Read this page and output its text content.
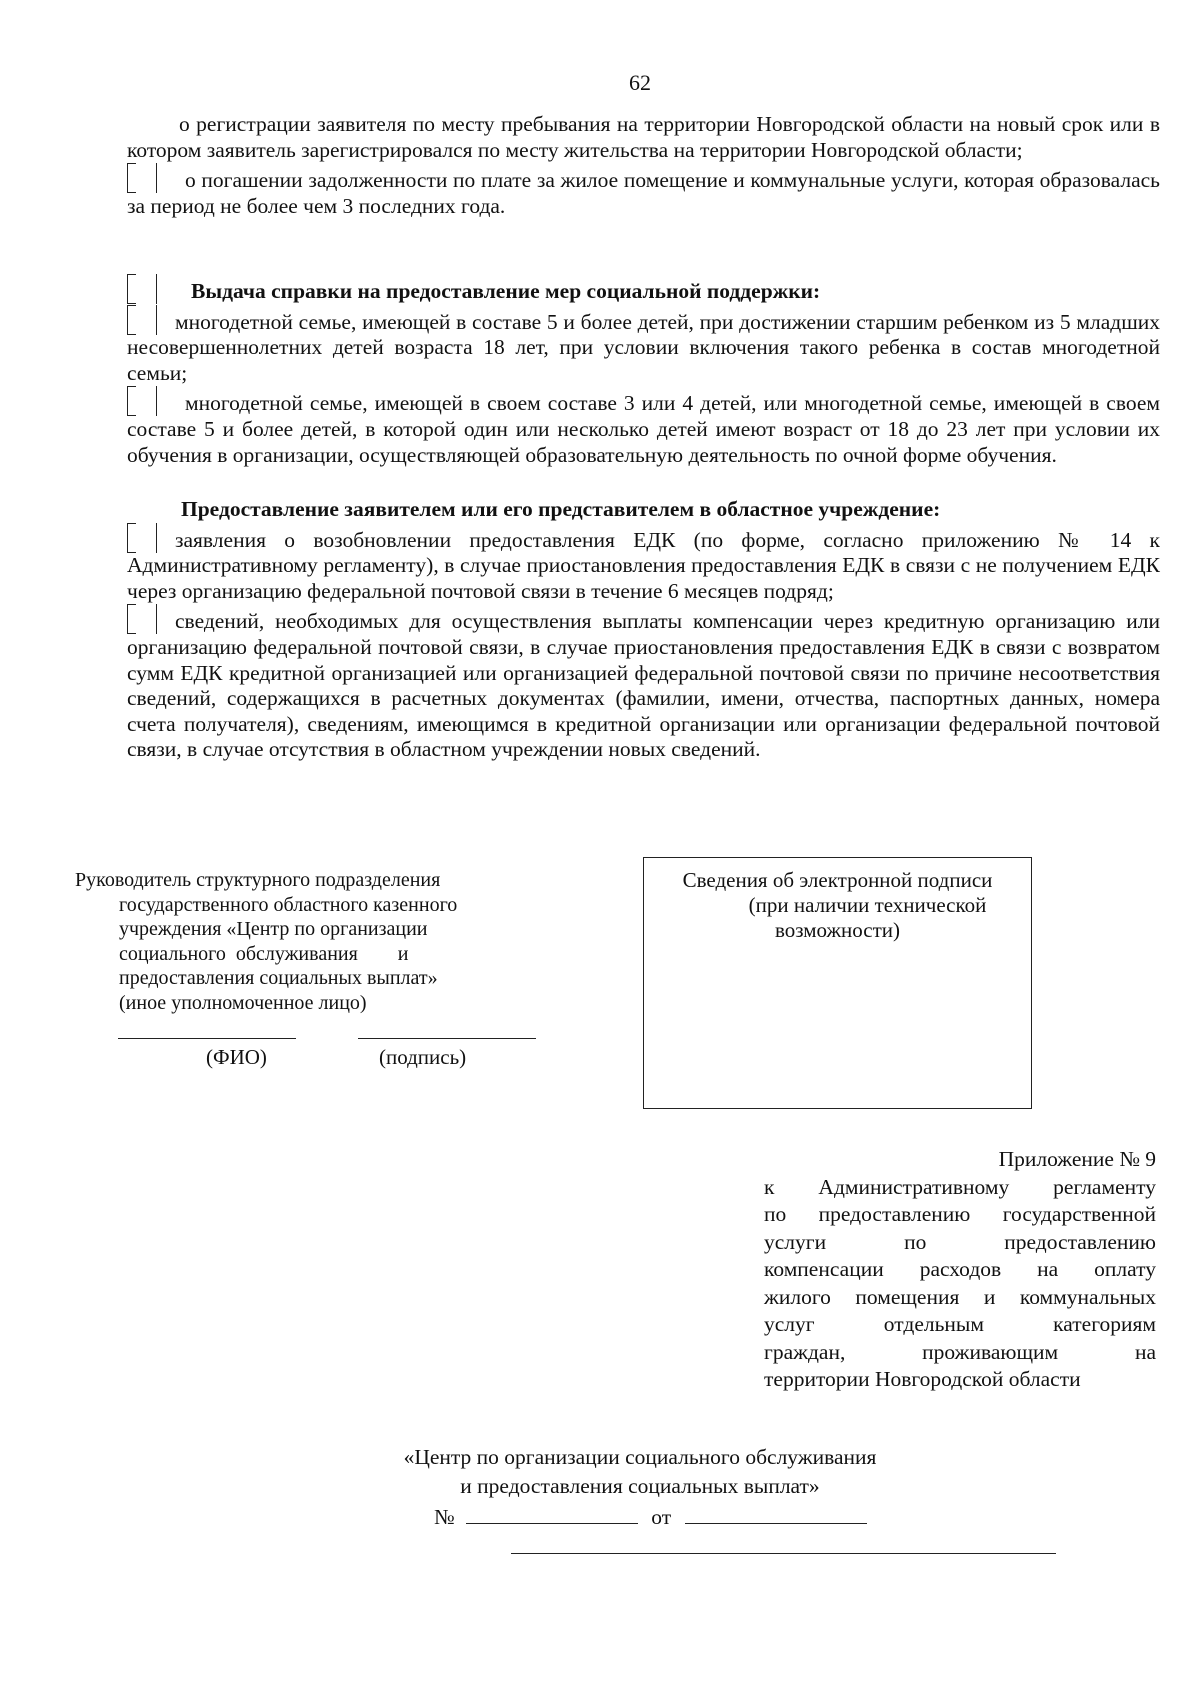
62

о регистрации заявителя по месту пребывания на территории Новгородской области на новый срок или в котором заявитель зарегистрировался по месту жительства на территории Новгородской области;

о погашении задолженности по плате за жилое помещение и коммунальные услуги, которая образовалась за период не более чем 3 последних года.

Выдача справки на предоставление мер социальной поддержки:

многодетной семье, имеющей в составе 5 и более детей, при достижении старшим ребенком из 5 младших несовершеннолетних детей возраста 18 лет, при условии включения такого ребенка в состав многодетной семьи;

многодетной семье, имеющей в своем составе 3 или 4 детей, или многодетной семье, имеющей в своем составе 5 и более детей, в которой один или несколько детей имеют возраст от 18 до 23 лет при условии их обучения в организации, осуществляющей образовательную деятельность по очной форме обучения.

Предоставление заявителем или его представителем в областное учреждение:

заявления о возобновлении предоставления ЕДК (по форме, согласно приложению № 14 к Административному регламенту), в случае приостановления предоставления ЕДК в связи с не получением ЕДК через организацию федеральной почтовой связи в течение 6 месяцев подряд;

сведений, необходимых для осуществления выплаты компенсации через кредитную организацию или организацию федеральной почтовой связи, в случае приостановления предоставления ЕДК в связи с возвратом сумм ЕДК кредитной организацией или организацией федеральной почтовой связи по причине несоответствия сведений, содержащихся в расчетных документах (фамилии, имени, отчества, паспортных данных, номера счета получателя), сведениям, имеющимся в кредитной организации или организации федеральной почтовой связи, в случае отсутствия в областном учреждении новых сведений.

Руководитель структурного подразделения
государственного областного казенного
учреждения «Центр по организации
социального  обслуживания        и
предоставления социальных выплат»
(иное уполномоченное лицо)
(ФИО)	(подпись)
Сведения об электронной подписи
(при наличии технической
возможности)
Приложение № 9
к Административному регламенту
по предоставлению государственной
услуги по предоставлению
компенсации расходов на оплату
жилого помещения и коммунальных
услуг отдельным категориям
граждан, проживающим на
территории Новгородской области
«Центр по организации социального обслуживания
и предоставления социальных выплат»
№	от
